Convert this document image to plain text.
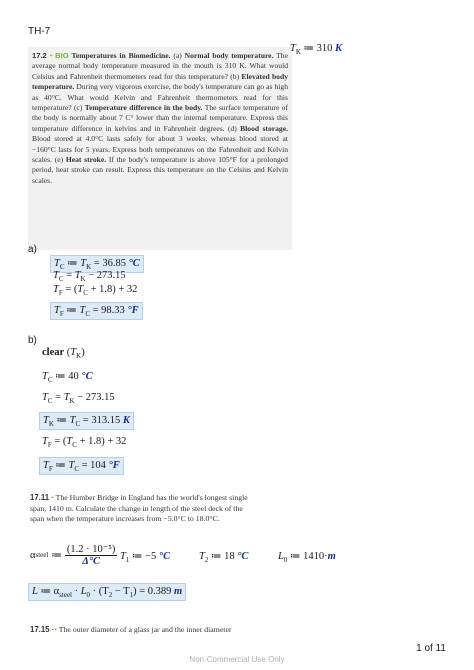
TH-7

17.2 • BIO Temperatures in Biomedicine. (a) Normal body temperature. The average normal body temperature measured in the mouth is 310 K. What would Celsius and Fahrenheit thermometers read for this temperature? (b) Elevated body temperature. During very vigorous exercise, the body's temperature can go as high as 40°C. What would Kelvin and Fahrenheit thermometers read for this temperature? (c) Temperature difference in the body. The surface temperature of the body is normally about 7 C° lower than the internal temperature. Express this temperature difference in kelvins and in Fahrenheit degrees. (d) Blood storage. Blood stored at 4.0°C lasts safely for about 3 weeks, whereas blood stored at −160°C lasts for 5 years. Express both temperatures on the Fahrenheit and Kelvin scales. (e) Heat stroke. If the body's temperature is above 105°F for a prolonged period, heat stroke can result. Express this temperature on the Celsius and Kelvin scales.

$T_K$ ≔ 310 K
a)
$T_C$ ≔ $T_K = 36.85$ °C
$T_C = T_K - 273.15$
$T_F = (T_C + 1.8) + 32$
$T_F$ ≔ $T_C = 98.33$ °F
b)
clear $(T_K)$
$T_C$ ≔ 40 °C
$T_C = T_K - 273.15$
$T_K$ ≔ $T_C = 313.15$ K
$T_F = (T_C + 1.8) + 32$
$T_F$ ≔ $T_C = 104$ °F
17.11 • The Humber Bridge in England has the world's longest single span, 1410 m. Calculate the change in length of the steel deck of the span when the temperature increases from −5.0°C to 18.0°C.
α steel ≔ $\frac{\text{(1.2 · 10⁻⁵)}}{\Delta^\circ C} T_1$ ≔ −5 °C	$T_2$ ≔ 18 °C	$L_0$ ≔ 1410·m
L ≔ $\alpha_{steel} \cdot L_0 \cdot (T_2 - T_1) = 0.389$ m
17.15 •• The outer diameter of a glass jar and the inner diameter
1 of 11
Non-Commercial Use Only
